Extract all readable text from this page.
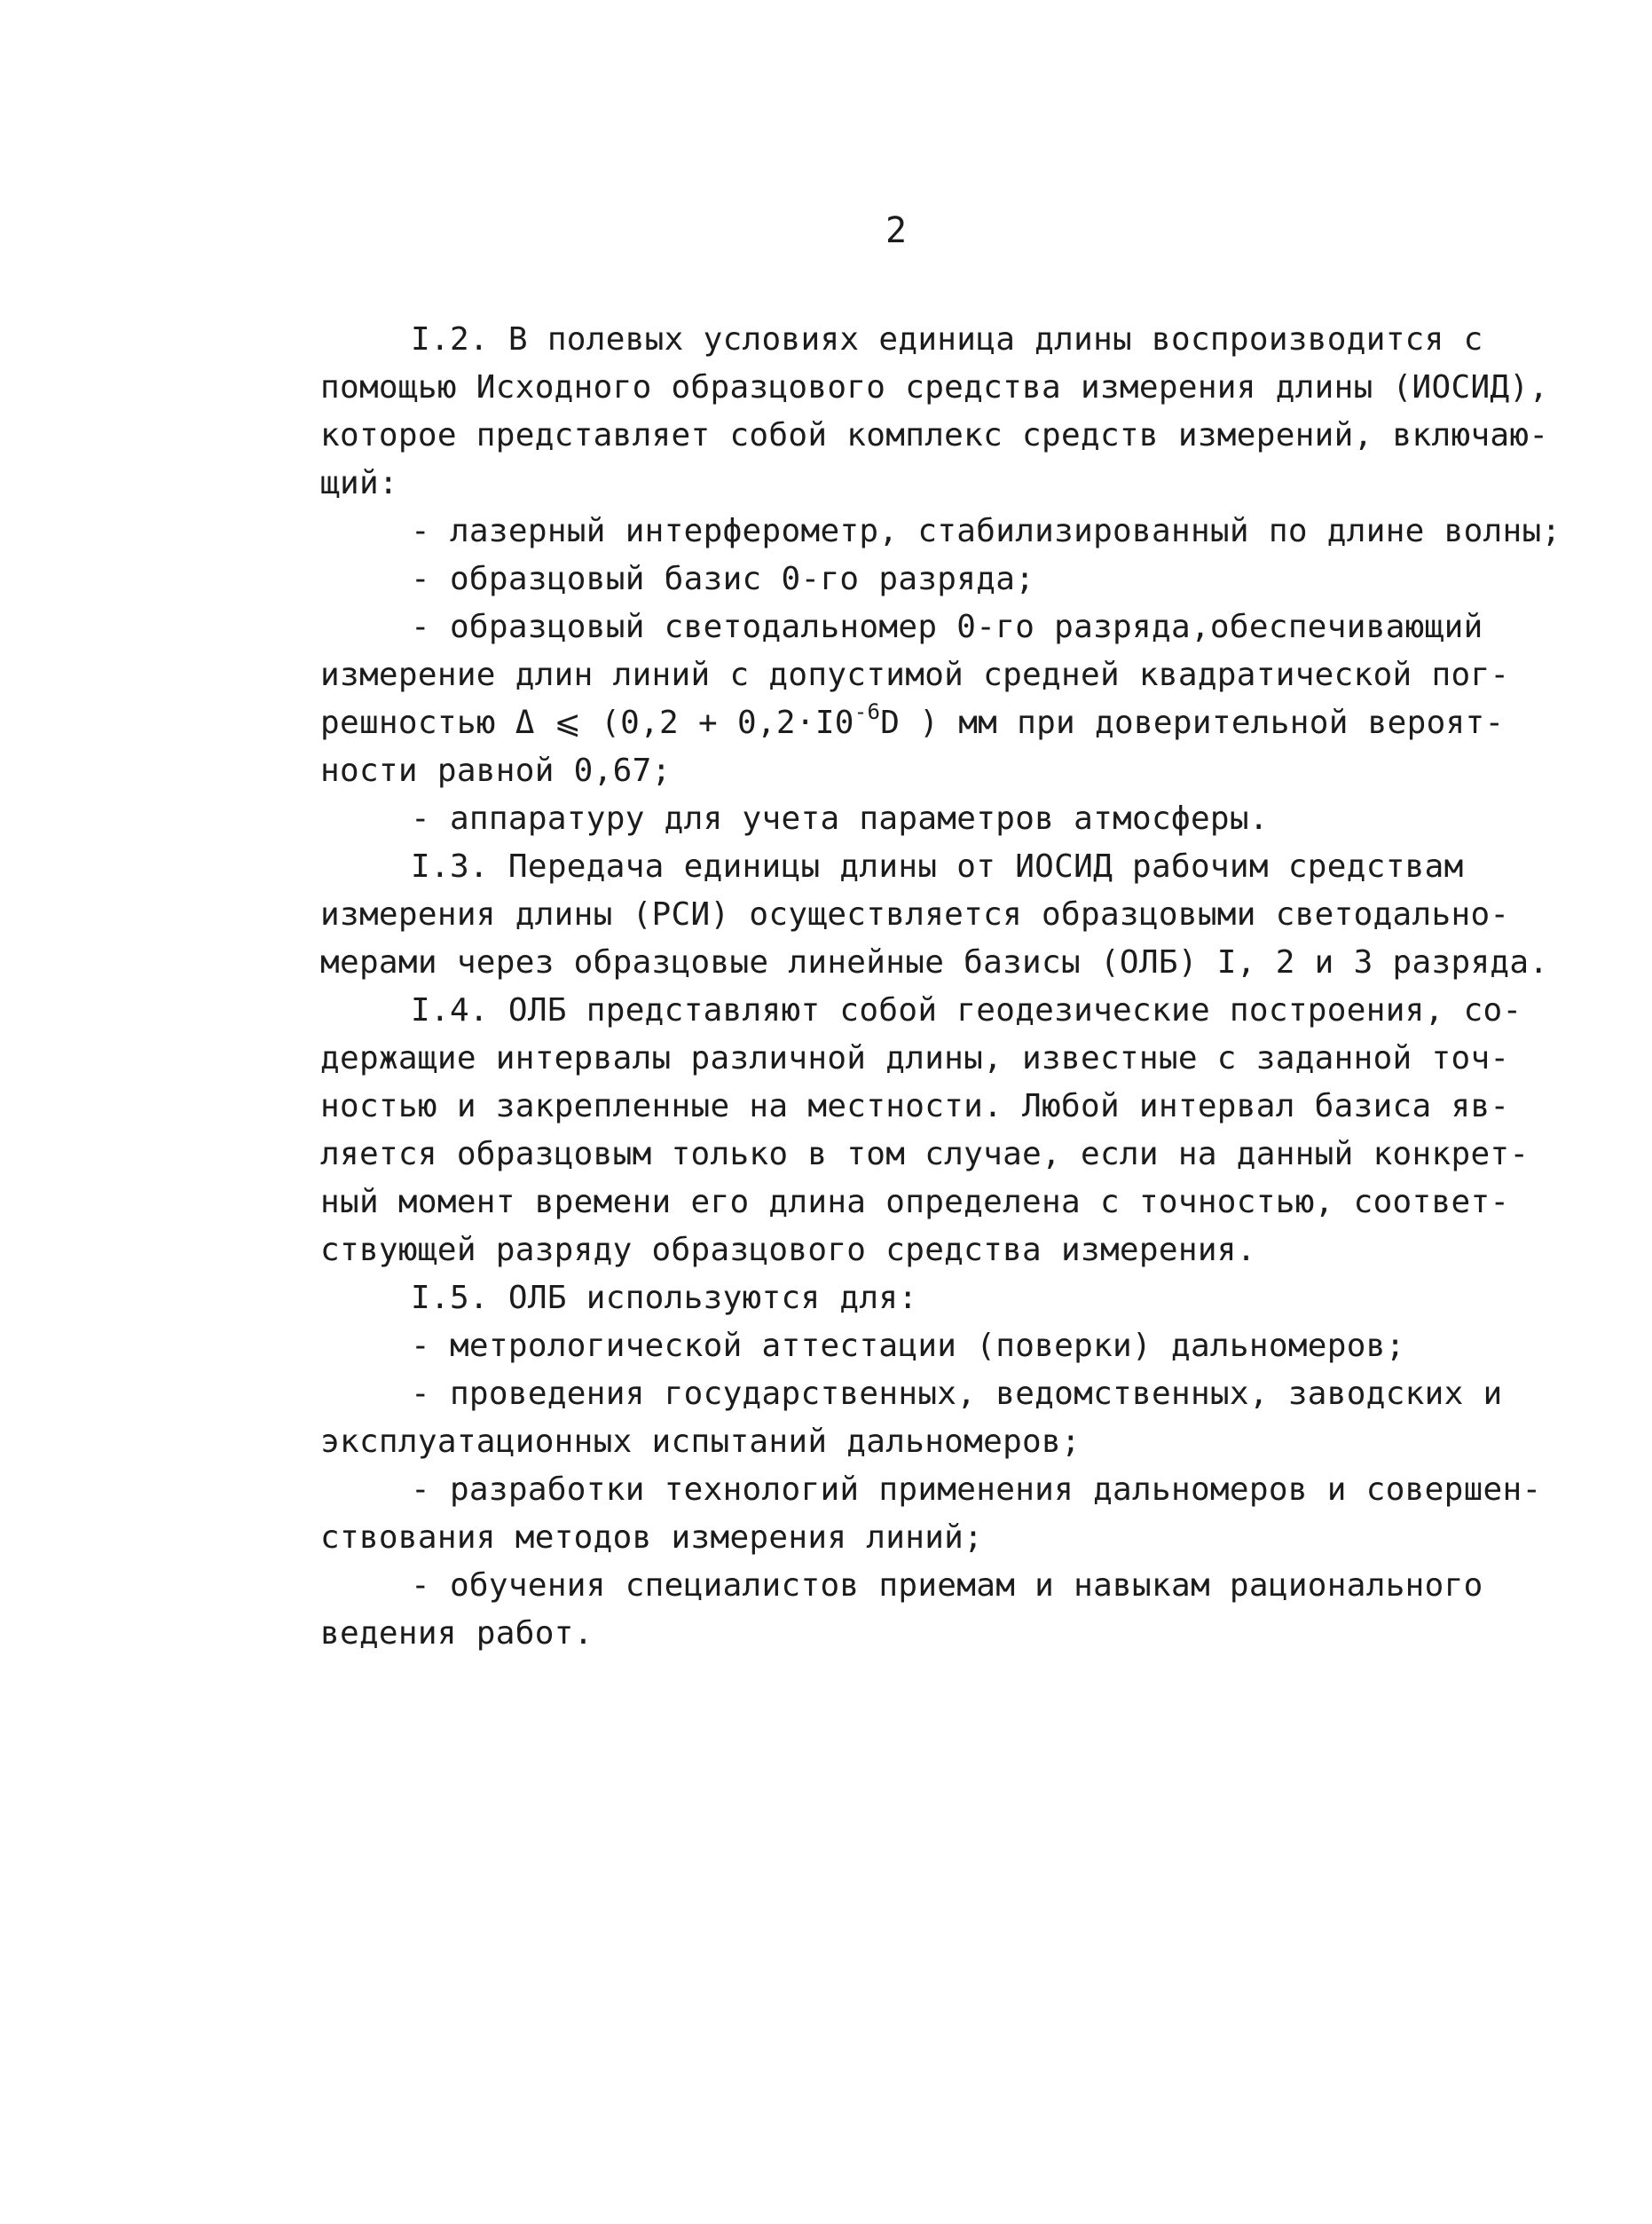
2
I.2. В полевых условиях единица длины воспроизводится с
помощью Исходного образцового средства измерения длины (ИОСИД),
которое представляет собой комплекс средств измерений, включаю-
щий:
- лазерный интерферометр, стабилизированный по длине волны;
- образцовый базис 0-го разряда;
- образцовый светодальномер 0-го разряда,обеспечивающий
измерение длин линий с допустимой средней квадратической пог-
решностью Δ ⩽ ($0,2 + 0,2\cdot I0^{-6}D$ ) мм при доверительной вероят-
ности равной 0,67;
- аппаратуру для учета параметров атмосферы.
I.3. Передача единицы длины от ИОСИД рабочим средствам
измерения длины (РСИ) осуществляется образцовыми светодально-
мерами через образцовые линейные базисы (ОЛБ) I, 2 и 3 разряда.
I.4. ОЛБ представляют собой геодезические построения, со-
держащие интервалы различной длины, известные с заданной точ-
ностью и закрепленные на местности. Любой интервал базиса яв-
ляется образцовым только в том случае, если на данный конкрет-
ный момент времени его длина определена с точностью, соответ-
ствующей разряду образцового средства измерения.
I.5. ОЛБ используются для:
- метрологической аттестации (поверки) дальномеров;
- проведения государственных, ведомственных, заводских и
эксплуатационных испытаний дальномеров;
- разработки технологий применения дальномеров и совершен-
ствования методов измерения линий;
- обучения специалистов приемам и навыкам рационального
ведения работ.
